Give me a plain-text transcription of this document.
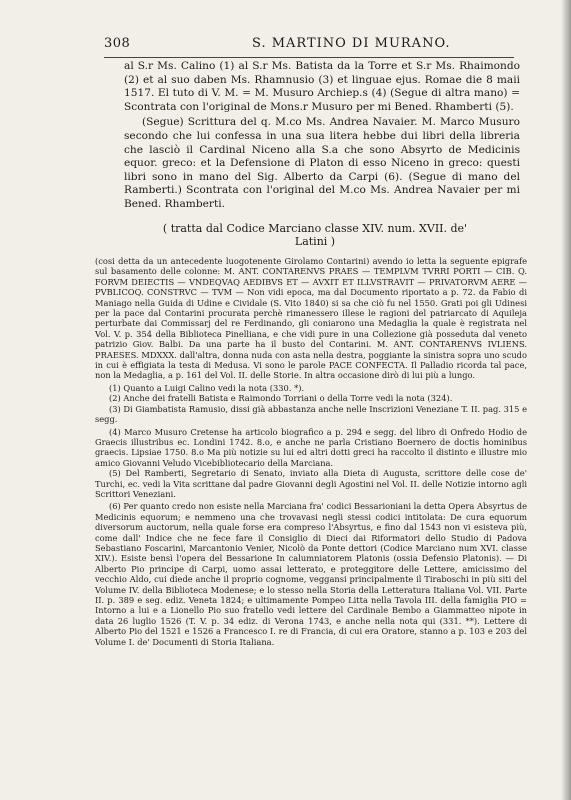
308	S. MARTINO DI MURANO.

al S.r Ms. Calino (1) al S.r Ms. Batista da la Torre et S.r Ms. Rhaimondo (2) et al suo daben Ms. Rhamnusio (3) et linguae ejus. Romae die 8 maii 1517. El tuto di V. M. = M. Musuro Archiep.s (4) (Segue di altra mano) = Scontrata con l'original de Mons.r Musuro per mi Bened. Rhamberti (5).

(Segue) Scrittura del q. M.co Ms. Andrea Navaier. M. Marco Musuro secondo che lui confessa in una sua litera hebbe dui libri della libreria che lasciò il Cardinal Niceno alla S.a che sono Absyrto de Medicinis equor. greco: et la Defensione di Platon di esso Niceno in greco: questi libri sono in mano del Sig. Alberto da Carpi (6). (Segue di mano del Ramberti.) Scontrata con l'original del M.co Ms. Andrea Navaier per mi Bened. Rhamberti.

( tratta dal Codice Marciano classe XIV. num. XVII. de' Latini )

(cosi detta da un antecedente luogotenente Girolamo Contarini) avendo io letta la seguente epigrafe sul basamento delle colonne: M. ANT. CONTARENVS PRAES — TEMPLVM TVRRI PORTI — CIB. Q. FORVM DEIECTIS — VNDEQVAQ AEDIBVS ET — AVXIT ET ILLVSTRAVIT — PRIVATORVM AERE — PVBLICOQ. CONSTRVC — TVM — Non vidi epoca, ma dal Documento riportato a p. 72. da Fabio di Maniago nella Guida di Udine e Cividale (S. Vito 1840) si sa che ciò fu nel 1550. Grati poi gli Udinesi per la pace dal Contarini procurata perchè rimanessero illese le ragioni del patriarcato di Aquileja perturbate dai Commissarj del re Ferdinando, gli coniarono una Medaglia la quale è registrata nel Vol. V. p. 354 della Biblioteca Pinelliana, e che vidi pure in una Collezione già posseduta dal veneto patrizio Giov. Balbi. Da una parte ha il busto del Contarini. M. ANT. CONTARENVS IVLIENS. PRAESES. MDXXX. dall'altra, donna nuda con asta nella destra, poggiante la sinistra sopra uno scudo in cui è effigiata la testa di Medusa. Vi sono le parole PACE CONFECTA. Il Palladio ricorda tal pace, non la Medaglia, a p. 161 del Vol. II. delle Storie. In altra occasione dirò di lui più a lungo.

(1) Quanto a Luigi Calino vedi la nota (330. *).

(2) Anche dei fratelli Batista e Raimondo Torriani o della Torre vedi la nota (324).

(3) Di Giambatista Ramusio, dissi già abbastanza anche nelle Inscrizioni Veneziane T. II. pag. 315 e segg.

(4) Marco Musuro Cretense ha articolo biografico a p. 294 e segg. del libro di Onfredo Hodio de Graecis illustribus ec. Londini 1742. 8.o, e anche ne parla Cristiano Boernero de doctis hominibus graecis. Lipsiae 1750. 8.o Ma più notizie su lui ed altri dotti greci ha raccolto il distinto e illustre mio amico Giovanni Veludo Vicebibliotecario della Marciana.

(5) Del Ramberti, Segretario di Senato, inviato alla Dieta di Augusta, scrittore delle cose de' Turchi, ec. vedi la Vita scrittane dal padre Giovanni degli Agostini nel Vol. II. delle Notizie intorno agli Scrittori Veneziani.

(6) Per quanto credo non esiste nella Marciana fra' codici Bessarioniani la detta Opera Absyrtus de Medicinis equorum; e nemmeno una che trovavasi negli stessi codici intitolata: De cura equorum diversorum auctorum, nella quale forse era compreso l'Absyrtus, e fino dal 1543 non vi esisteva più, come dall' Indice che ne fece fare il Consiglio di Dieci dai Riformatori dello Studio di Padova Sebastiano Foscarini, Marcantonio Venier, Nicolò da Ponte dettori (Codice Marciano num XVI. classe XIV.). Esiste bensì l'opera del Bessarione In calumniatorem Platonis (ossia Defensio Platonis). — Di Alberto Pio principe di Carpi, uomo assai letterato, e proteggitore delle Lettere, amicissimo del vecchio Aldo, cui diede anche il proprio cognome, veggansi principalmente il Tiraboschi in più siti del Volume IV. della Biblioteca Modenese; e lo stesso nella Storia della Letteratura Italiana Vol. VII. Parte II. p. 389 e seg. ediz. Veneta 1824; e ultimamente Pompeo Litta nella Tavola III. della famiglia PIO = Intorno a lui e a Lionello Pio suo fratello vedi lettere del Cardinale Bembo a Giammatteo nipote in data 26 luglio 1526 (T. V. p. 34 ediz. di Verona 1743, e anche nella nota qui (331. **). Lettere di Alberto Pio del 1521 e 1526 a Francesco I. re di Francia, di cui era Oratore, stanno a p. 103 e 203 del Volume I. de' Documenti di Storia Italiana.
